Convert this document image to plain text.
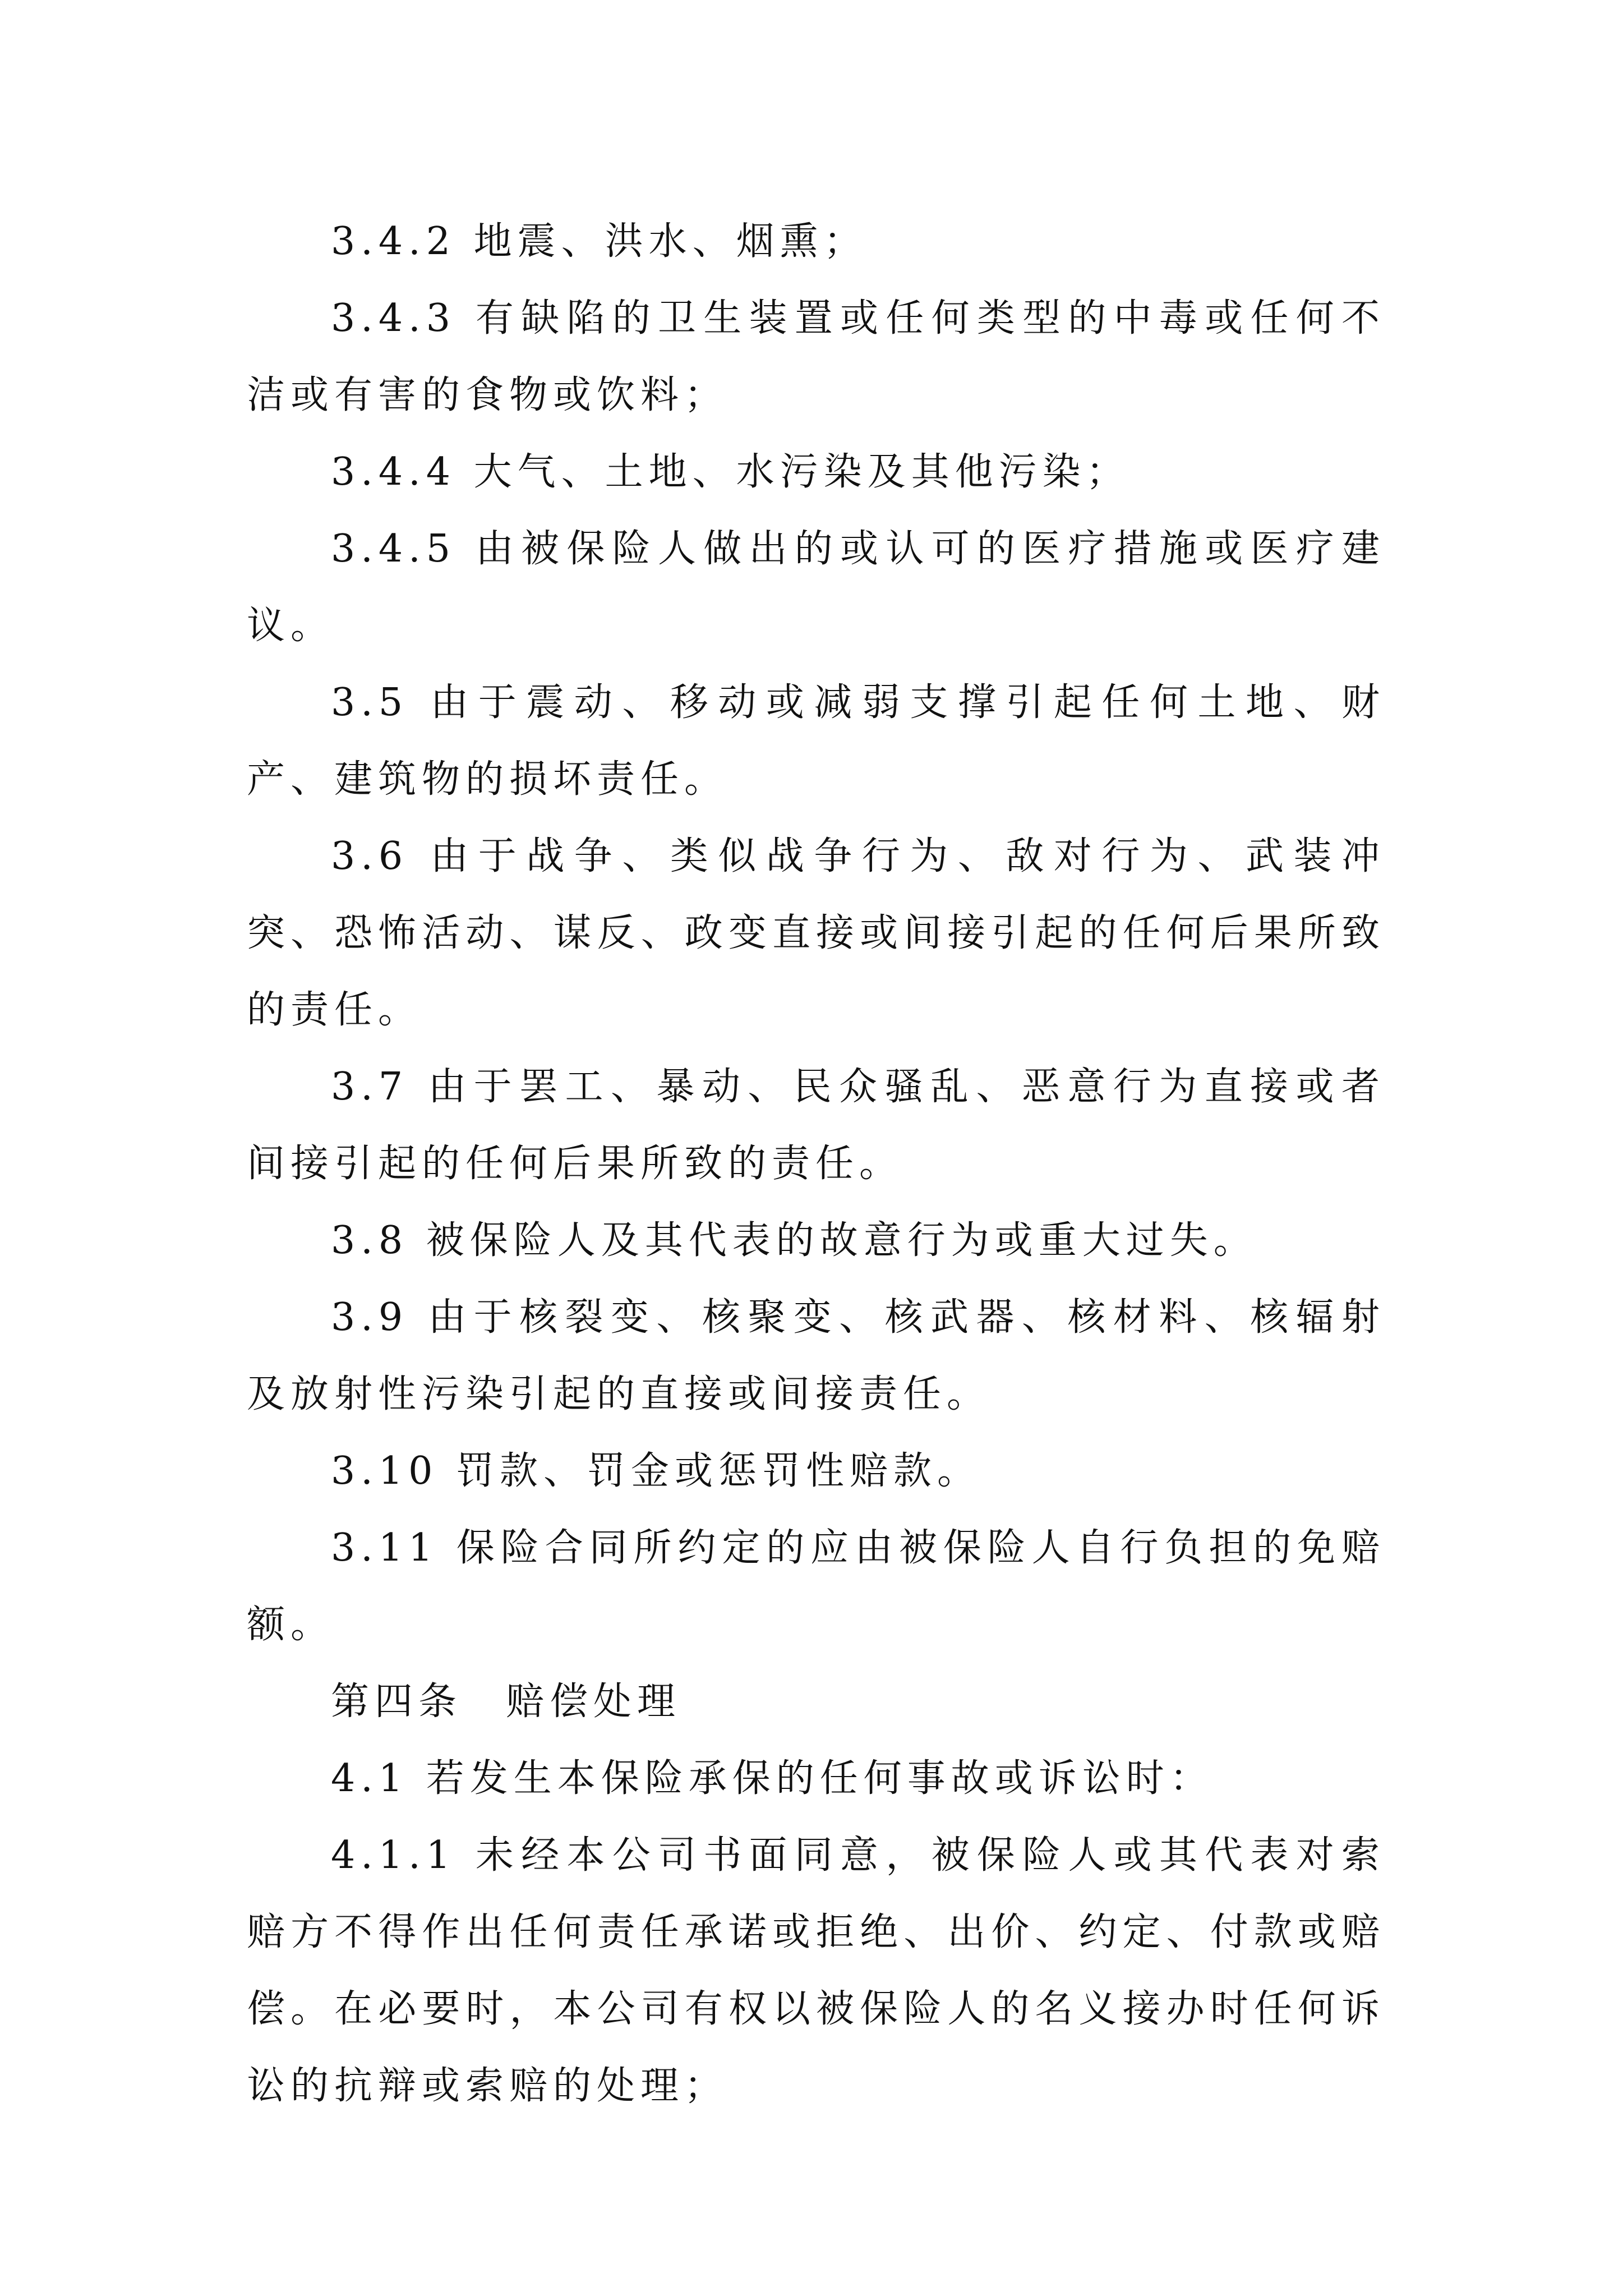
3.4.2 地震、洪水、烟熏；

3.4.3 有缺陷的卫生装置或任何类型的中毒或任何不洁或有害的食物或饮料；

3.4.4 大气、土地、水污染及其他污染；

3.4.5 由被保险人做出的或认可的医疗措施或医疗建议。

3.5 由于震动、移动或减弱支撑引起任何土地、财产、建筑物的损坏责任。

3.6 由于战争、类似战争行为、敌对行为、武装冲突、恐怖活动、谋反、政变直接或间接引起的任何后果所致的责任。

3.7 由于罢工、暴动、民众骚乱、恶意行为直接或者间接引起的任何后果所致的责任。

3.8 被保险人及其代表的故意行为或重大过失。

3.9 由于核裂变、核聚变、核武器、核材料、核辐射及放射性污染引起的直接或间接责任。

3.10 罚款、罚金或惩罚性赔款。

3.11 保险合同所约定的应由被保险人自行负担的免赔额。

第四条　赔偿处理

4.1 若发生本保险承保的任何事故或诉讼时：

4.1.1 未经本公司书面同意，被保险人或其代表对索赔方不得作出任何责任承诺或拒绝、出价、约定、付款或赔偿。在必要时，本公司有权以被保险人的名义接办时任何诉讼的抗辩或索赔的处理；
